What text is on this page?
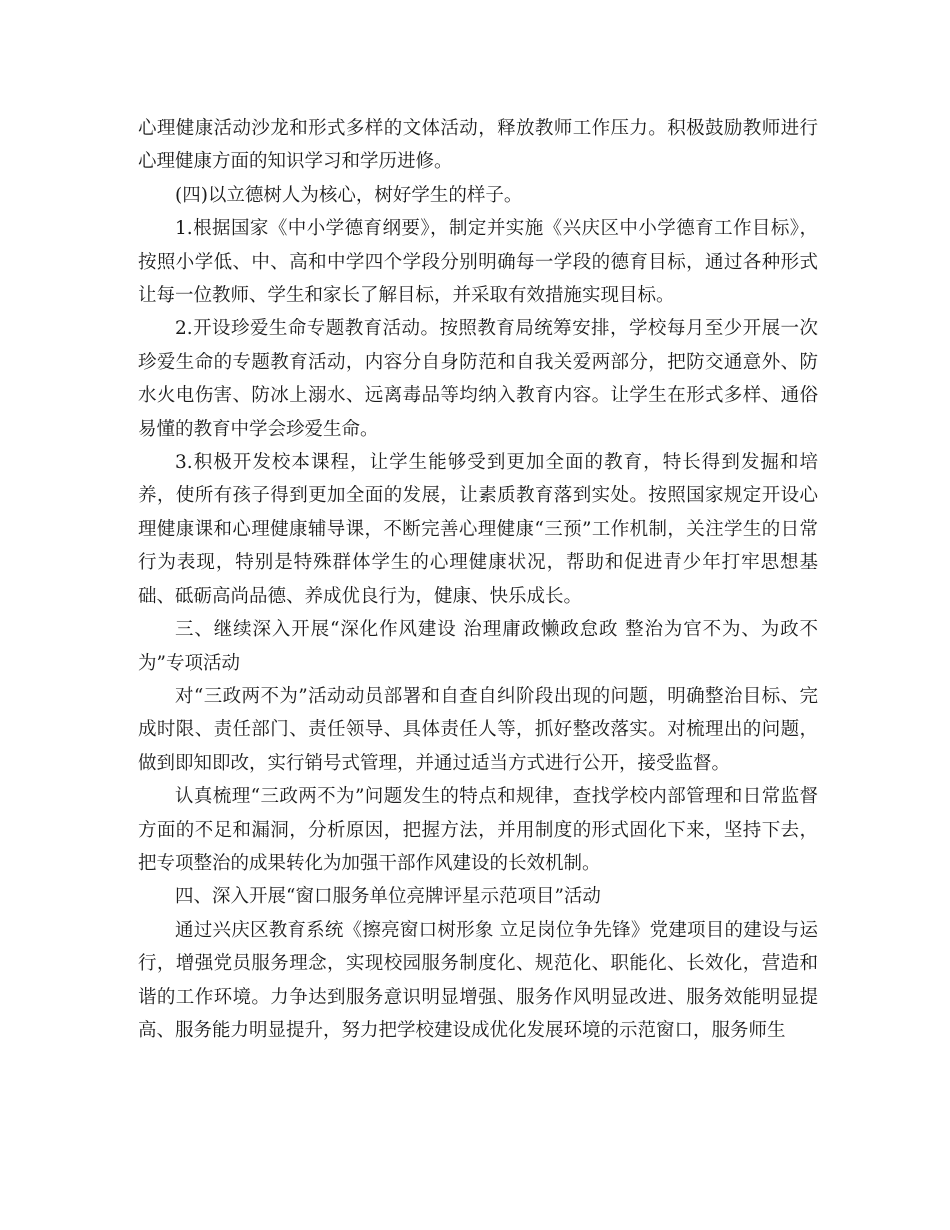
心理健康活动沙龙和形式多样的文体活动，释放教师工作压力。积极鼓励教师进行心理健康方面的知识学习和学历进修。

(四)以立德树人为核心，树好学生的样子。

1.根据国家《中小学德育纲要》，制定并实施《兴庆区中小学德育工作目标》，按照小学低、中、高和中学四个学段分别明确每一学段的德育目标，通过各种形式让每一位教师、学生和家长了解目标，并采取有效措施实现目标。

2.开设珍爱生命专题教育活动。按照教育局统筹安排，学校每月至少开展一次珍爱生命的专题教育活动，内容分自身防范和自我关爱两部分，把防交通意外、防水火电伤害、防冰上溺水、远离毒品等均纳入教育内容。让学生在形式多样、通俗易懂的教育中学会珍爱生命。

3.积极开发校本课程，让学生能够受到更加全面的教育，特长得到发掘和培养，使所有孩子得到更加全面的发展，让素质教育落到实处。按照国家规定开设心理健康课和心理健康辅导课，不断完善心理健康“三预”工作机制，关注学生的日常行为表现，特别是特殊群体学生的心理健康状况，帮助和促进青少年打牢思想基础、砥砺高尚品德、养成优良行为，健康、快乐成长。

三、继续深入开展“深化作风建设 治理庸政懒政怠政 整治为官不为、为政不为”专项活动

对“三政两不为”活动动员部署和自查自纠阶段出现的问题，明确整治目标、完成时限、责任部门、责任领导、具体责任人等，抓好整改落实。对梳理出的问题，做到即知即改，实行销号式管理，并通过适当方式进行公开，接受监督。

认真梳理“三政两不为”问题发生的特点和规律，查找学校内部管理和日常监督方面的不足和漏洞，分析原因，把握方法，并用制度的形式固化下来，坚持下去，把专项整治的成果转化为加强干部作风建设的长效机制。

四、深入开展“窗口服务单位亮牌评星示范项目”活动

通过兴庆区教育系统《擦亮窗口树形象 立足岗位争先锋》党建项目的建设与运行，增强党员服务理念，实现校园服务制度化、规范化、职能化、长效化，营造和谐的工作环境。力争达到服务意识明显增强、服务作风明显改进、服务效能明显提高、服务能力明显提升，努力把学校建设成优化发展环境的示范窗口，服务师生
